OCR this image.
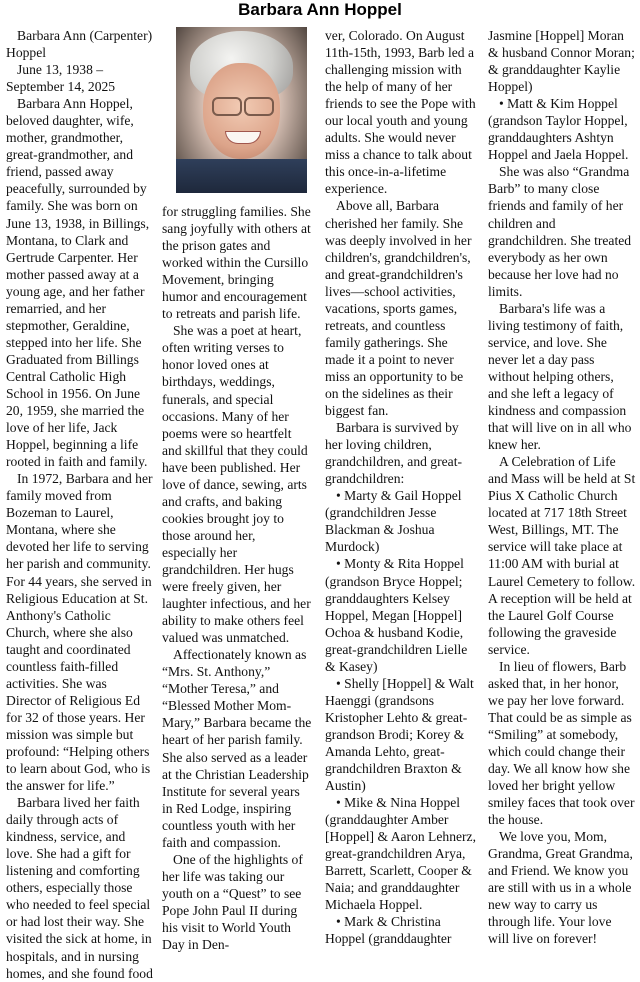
Barbara Ann Hoppel

Barbara Ann (Carpenter) Hoppel

June 13, 1938 – September 14, 2025

Barbara Ann Hoppel, beloved daughter, wife, mother, grandmother, great-grandmother, and friend, passed away peacefully, surrounded by family. She was born on June 13, 1938, in Billings, Montana, to Clark and Gertrude Carpenter. Her mother passed away at a young age, and her father remarried, and her stepmother, Geraldine, stepped into her life. She Graduated from Billings Central Catholic High School in 1956. On June 20, 1959, she married the love of her life, Jack Hoppel, beginning a life rooted in faith and family.

In 1972, Barbara and her family moved from Bozeman to Laurel, Montana, where she devoted her life to serving her parish and community. For 44 years, she served in Religious Education at St. Anthony's Catholic Church, where she also taught and coordinated countless faith-filled activities. She was Director of Religious Ed for 32 of those years. Her mission was simple but profound: “Helping others to learn about God, who is the answer for life.”

Barbara lived her faith daily through acts of kindness, service, and love. She had a gift for listening and comforting others, especially those who needed to feel special or had lost their way. She visited the sick at home, in hospitals, and in nursing homes, and she found food

for struggling families. She sang joyfully with others at the prison gates and worked within the Cursillo Movement, bringing humor and encouragement to retreats and parish life.

She was a poet at heart, often writing verses to honor loved ones at birthdays, weddings, funerals, and special occasions. Many of her poems were so heartfelt and skillful that they could have been published. Her love of dance, sewing, arts and crafts, and baking cookies brought joy to those around her, especially her grandchildren. Her hugs were freely given, her laughter infectious, and her ability to make others feel valued was unmatched.

Affectionately known as “Mrs. St. Anthony,” “Mother Teresa,” and “Blessed Mother Mom-Mary,” Barbara became the heart of her parish family. She also served as a leader at the Christian Leadership Institute for several years in Red Lodge, inspiring countless youth with her faith and compassion.

One of the highlights of her life was taking our youth on a “Quest” to see Pope John Paul II during his visit to World Youth Day in Den-

ver, Colorado. On August 11th-15th, 1993, Barb led a challenging mission with the help of many of her friends to see the Pope with our local youth and young adults. She would never miss a chance to talk about this once-in-a-lifetime experience.

Above all, Barbara cherished her family. She was deeply involved in her children's, grandchildren's, and great-grandchildren's lives—school activities, vacations, sports games, retreats, and countless family gatherings. She made it a point to never miss an opportunity to be on the sidelines as their biggest fan.

Barbara is survived by her loving children, grandchildren, and great-grandchildren:

• Marty & Gail Hoppel (grandchildren Jesse Blackman & Joshua Murdock)

• Monty & Rita Hoppel (grandson Bryce Hoppel; granddaughters Kelsey Hoppel, Megan [Hoppel] Ochoa & husband Kodie, great-grandchildren Lielle & Kasey)

• Shelly [Hoppel] & Walt Haenggi (grandsons Kristopher Lehto & great-grandson Brodi; Korey & Amanda Lehto, great-grandchildren Braxton & Austin)

• Mike & Nina Hoppel (granddaughter Amber [Hoppel] & Aaron Lehnerz, great-grandchildren Arya, Barrett, Scarlett, Cooper & Naia; and granddaughter Michaela Hoppel.

• Mark & Christina Hoppel (granddaughter

Jasmine [Hoppel] Moran & husband Connor Moran; & granddaughter Kaylie Hoppel)

• Matt & Kim Hoppel (grandson Taylor Hoppel, granddaughters Ashtyn Hoppel and Jaela Hoppel.

She was also “Grandma Barb” to many close friends and family of her children and grandchildren. She treated everybody as her own because her love had no limits.

Barbara's life was a living testimony of faith, service, and love. She never let a day pass without helping others, and she left a legacy of kindness and compassion that will live on in all who knew her.

A Celebration of Life and Mass will be held at St Pius X Catholic Church located at 717 18th Street West, Billings, MT. The service will take place at 11:00 AM with burial at Laurel Cemetery to follow. A reception will be held at the Laurel Golf Course following the graveside service.

In lieu of flowers, Barb asked that, in her honor, we pay her love forward. That could be as simple as “Smiling” at somebody, which could change their day. We all know how she loved her bright yellow smiley faces that took over the house.

We love you, Mom, Grandma, Great Grandma, and Friend. We know you are still with us in a whole new way to carry us through life. Your love will live on forever!
